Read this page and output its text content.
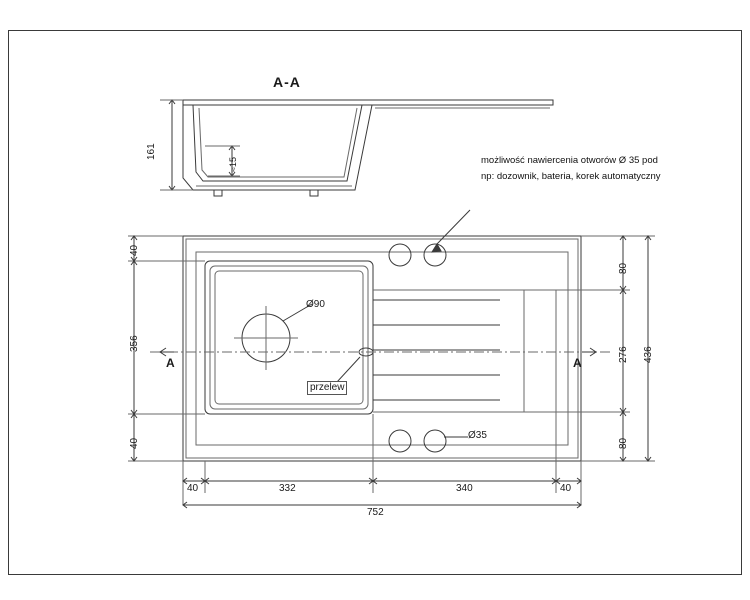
A-A
161
≈15	możliwość nawiercenia otworów Ø 35 pod
np: dozownik, bateria, korek automatyczny
40
356
40
80
276
80
436
Ø90
przelew
Ø35
A	A
40	332	340	40
752
